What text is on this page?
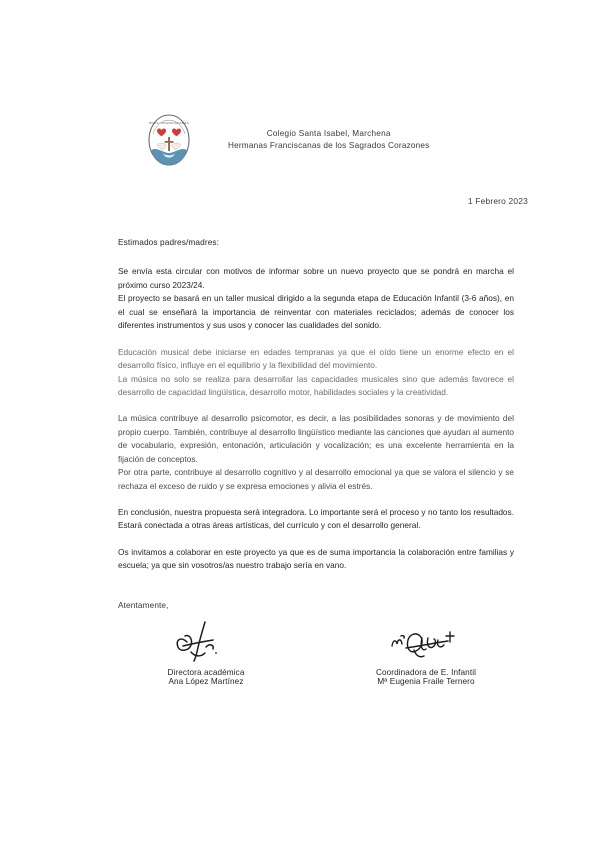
HNAS. FRANCISCANAS
Colegio Santa Isabel, Marchena
Hermanas Franciscanas de los Sagrados Corazones
1 Febrero 2023

Estimados padres/madres:

Se envía esta circular con motivos de informar sobre un nuevo proyecto que se pondrá en marcha el próximo curso 2023/24.
El proyecto se basará en un taller musical dirigido a la segunda etapa de Educación Infantil (3-6 años), en el cual se enseñará la importancia de reinventar con materiales reciclados; además de conocer los diferentes instrumentos y sus usos y conocer las cualidades del sonido.

Educación musical debe iniciarse en edades tempranas ya que el oído tiene un enorme efecto en el desarrollo físico, influye en el equilibrio y la flexibilidad del movimiento.
La música no solo se realiza para desarrollar las capacidades musicales sino que además favorece el desarrollo de capacidad lingüística, desarrollo motor, habilidades sociales y la creatividad.

La música contribuye al desarrollo psicomotor, es decir, a las posibilidades sonoras y de movimiento del propio cuerpo. También, contribuye al desarrollo lingüístico mediante las canciones que ayudan al aumento de vocabulario, expresión, entonación, articulación y vocalización; es una excelente herramienta en la fijación de conceptos.
Por otra parte, contribuye al desarrollo cognitivo y al desarrollo emocional ya que se valora el silencio y se rechaza el exceso de ruido y se expresa emociones y alivia el estrés.

En conclusión, nuestra propuesta será integradora. Lo importante será el proceso y no tanto los resultados. Estará conectada a otras áreas artísticas, del currículo y con el desarrollo general.

Os invitamos a colaborar en este proyecto ya que es de suma importancia la colaboración entre familias y escuela; ya que sin vosotros/as nuestro trabajo sería en vano.

Atentamente,
Directora académica
Ana López Martínez
Coordinadora de E. Infantil
Mª Eugenia Fraile Ternero
